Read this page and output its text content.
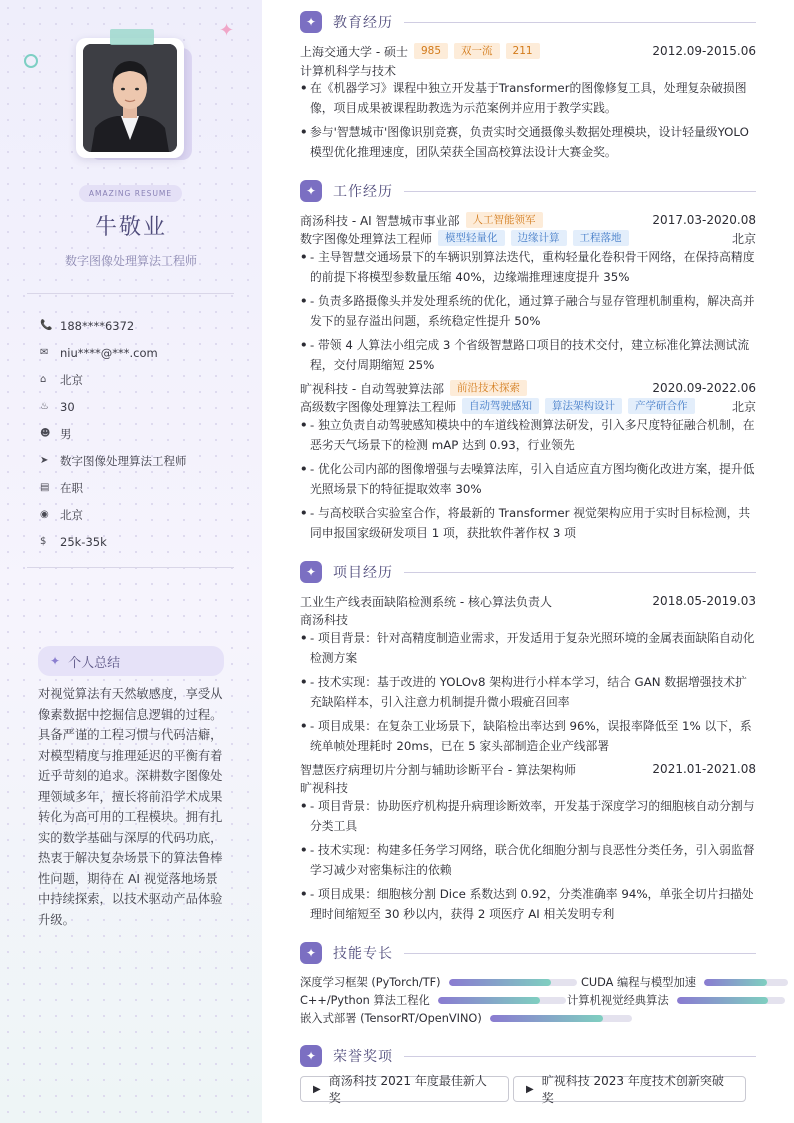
✦
AMAZING RESUME
牛敬业
数字图像处理算法工程师
📞 188****6372
✉	niu****@***.com
⌂	北京
♨ 30
☻ 男
➤	数字图像处理算法工程师
▤ 在职
◉ 北京
$	25k-35k
✦ 个人总结
对视觉算法有天然敏感度，享受从像素数据中挖掘信息逻辑的过程。具备严谨的工程习惯与代码洁癖，对模型精度与推理延迟的平衡有着近乎苛刻的追求。深耕数字图像处理领域多年，擅长将前沿学术成果转化为高可用的工程模块。拥有扎实的数学基础与深厚的代码功底，热衷于解决复杂场景下的算法鲁棒性问题，期待在 AI 视觉落地场景中持续探索，以技术驱动产品体验升级。
✦	教育经历
上海交通大学 - 硕士	985	双一流	211	2012.09-2015.06
计算机科学与技术
• 在《机器学习》课程中独立开发基于Transformer的图像修复工具，处理复杂破损图像，项目成果被课程助教选为示范案例并应用于教学实践。
• 参与'智慧城市'图像识别竞赛，负责实时交通摄像头数据处理模块，设计轻量级YOLO模型优化推理速度，团队荣获全国高校算法设计大赛金奖。
✦	工作经历
商汤科技 - AI 智慧城市事业部	人工智能领军	2017.03-2020.08
数字图像处理算法工程师	模型轻量化	边缘计算	工程落地	北京
• - 主导智慧交通场景下的车辆识别算法迭代，重构轻量化卷积骨干网络，在保持高精度的前提下将模型参数量压缩 40%，边缘端推理速度提升 35%
• - 负责多路摄像头并发处理系统的优化，通过算子融合与显存管理机制重构，解决高并发下的显存溢出问题，系统稳定性提升 50%
• - 带领 4 人算法小组完成 3 个省级智慧路口项目的技术交付，建立标准化算法测试流程，交付周期缩短 25%
旷视科技 - 自动驾驶算法部	前沿技术探索	2020.09-2022.06
高级数字图像处理算法工程师	自动驾驶感知	算法架构设计	产学研合作	北京
• - 独立负责自动驾驶感知模块中的车道线检测算法研发，引入多尺度特征融合机制，在恶劣天气场景下的检测 mAP 达到 0.93，行业领先
• - 优化公司内部的图像增强与去噪算法库，引入自适应直方图均衡化改进方案，提升低光照场景下的特征提取效率 30%
• - 与高校联合实验室合作，将最新的 Transformer 视觉架构应用于实时目标检测，共同申报国家级研发项目 1 项，获批软件著作权 3 项
✦	项目经历
工业生产线表面缺陷检测系统 - 核心算法负责人	2018.05-2019.03
商汤科技
• - 项目背景：针对高精度制造业需求，开发适用于复杂光照环境的金属表面缺陷自动化检测方案
• - 技术实现：基于改进的 YOLOv8 架构进行小样本学习，结合 GAN 数据增强技术扩充缺陷样本，引入注意力机制提升微小瑕疵召回率
• - 项目成果：在复杂工业场景下，缺陷检出率达到 96%，误报率降低至 1% 以下，系统单帧处理耗时 20ms，已在 5 家头部制造企业产线部署
智慧医疗病理切片分割与辅助诊断平台 - 算法架构师	2021.01-2021.08
旷视科技
• - 项目背景：协助医疗机构提升病理诊断效率，开发基于深度学习的细胞核自动分割与分类工具
• - 技术实现：构建多任务学习网络，联合优化细胞分割与良恶性分类任务，引入弱监督学习减少对密集标注的依赖
• - 项目成果：细胞核分割 Dice 系数达到 0.92，分类准确率 94%，单张全切片扫描处理时间缩短至 30 秒以内，获得 2 项医疗 AI 相关发明专利
✦	技能专长
深度学习框架 (PyTorch/TF)	CUDA 编程与模型加速
C++/Python 算法工程化	计算机视觉经典算法
嵌入式部署 (TensorRT/OpenVINO)
✦	荣誉奖项
▶
商汤科技 2021 年度最佳新人奖
▶
旷视科技 2023 年度技术创新突破奖
